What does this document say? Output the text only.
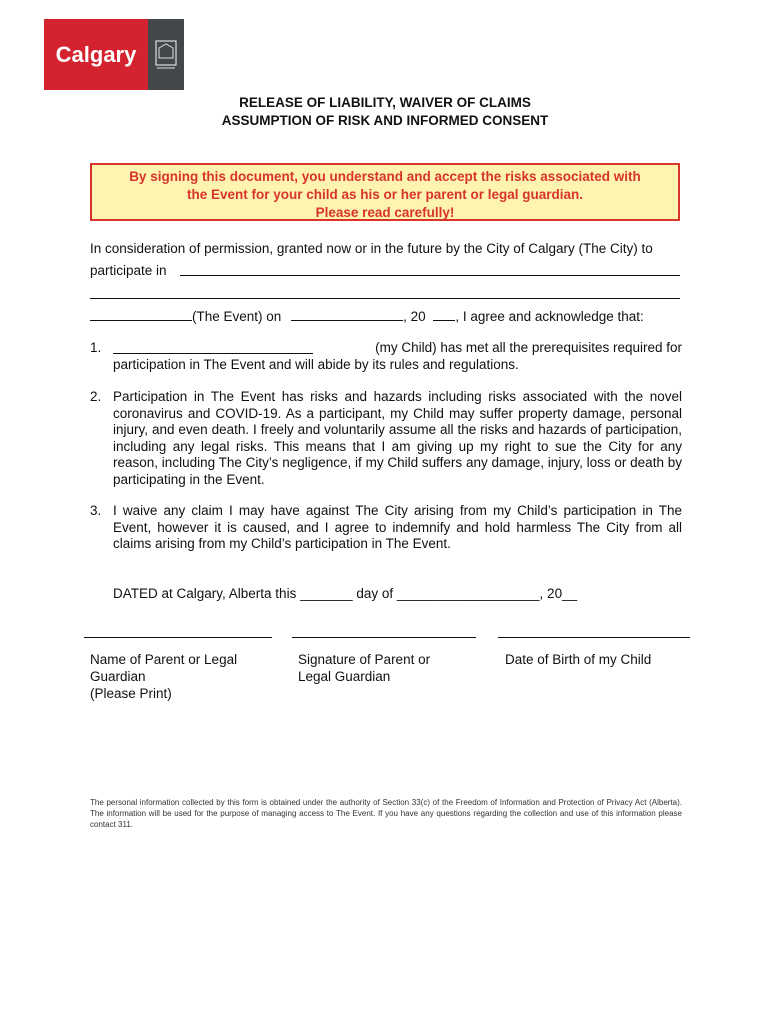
Calgary
RELEASE OF LIABILITY, WAIVER OF CLAIMS
ASSUMPTION OF RISK AND INFORMED CONSENT
By signing this document, you understand and accept the risks associated with
the Event for your child as his or her parent or legal guardian.
Please read carefully!
In consideration of permission, granted now or in the future by the City of Calgary (The City) to
participate in
(The Event) on	, 20 , I agree and acknowledge that:
1.	(my Child) has met all the prerequisites required for
participation in The Event and will abide by its rules and regulations.
2. Participation in The Event has risks and hazards including risks associated with the novel coronavirus and COVID-19. As a participant, my Child may suffer property damage, personal injury, and even death. I freely and voluntarily assume all the risks and hazards of participation, including any legal risks. This means that I am giving up my right to sue the City for any reason, including The City’s negligence, if my Child suffers any damage, injury, loss or death by participating in the Event.
3. I waive any claim I may have against The City arising from my Child’s participation in The Event, however it is caused, and I agree to indemnify and hold harmless The City from all claims arising from my Child’s participation in The Event.
DATED at Calgary, Alberta this _______ day of ___________________, 20__
Name of Parent or Legal
Guardian
(Please Print)
Signature of Parent or
Legal Guardian
Date of Birth of my Child
The personal information collected by this form is obtained under the authority of Section 33(c) of the Freedom of Information and Protection of Privacy Act (Alberta). The information will be used for the purpose of managing access to The Event. If you have any questions regarding the collection and use of this information please contact 311.
